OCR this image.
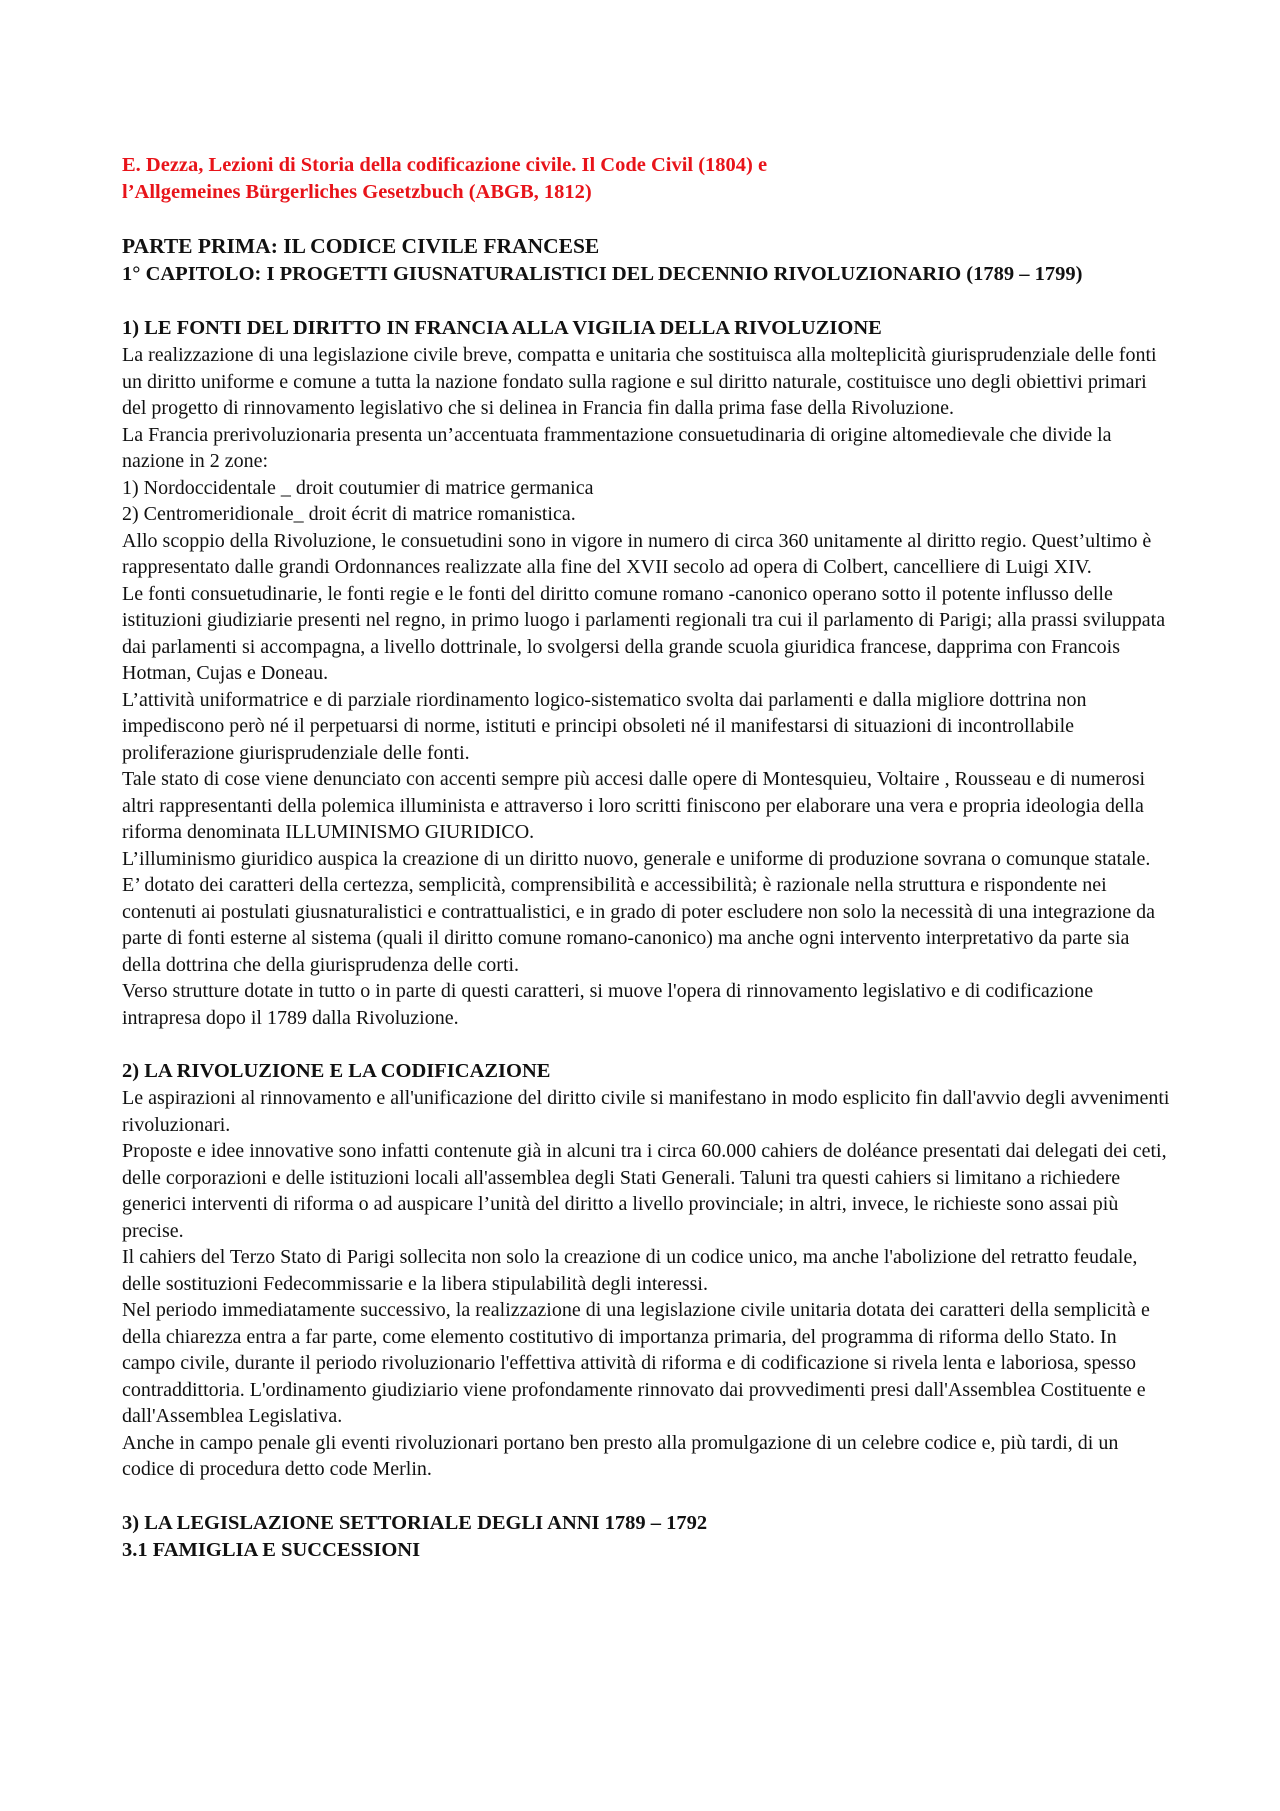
E. Dezza, Lezioni di Storia della codificazione civile. Il Code Civil (1804) e
l’Allgemeines Bürgerliches Gesetzbuch (ABGB, 1812)

PARTE PRIMA: IL CODICE CIVILE FRANCESE

1° CAPITOLO: I PROGETTI GIUSNATURALISTICI DEL DECENNIO RIVOLUZIONARIO (1789 – 1799)

1) LE FONTI DEL DIRITTO IN FRANCIA ALLA VIGILIA DELLA RIVOLUZIONE

La realizzazione di una legislazione civile breve, compatta e unitaria che sostituisca alla molteplicità giurisprudenziale delle fonti un diritto uniforme e comune a tutta la nazione fondato sulla ragione e sul diritto naturale, costituisce uno degli obiettivi primari del progetto di rinnovamento legislativo che si delinea in Francia fin dalla prima fase della Rivoluzione.

La Francia prerivoluzionaria presenta un’accentuata frammentazione consuetudinaria di origine altomedievale che divide la nazione in 2 zone:

1) Nordoccidentale _ droit coutumier di matrice germanica

2) Centromeridionale_ droit écrit di matrice romanistica.

Allo scoppio della Rivoluzione, le consuetudini sono in vigore in numero di circa 360 unitamente al diritto regio. Quest’ultimo è rappresentato dalle grandi Ordonnances realizzate alla fine del XVII secolo ad opera di Colbert, cancelliere di Luigi XIV.

Le fonti consuetudinarie, le fonti regie e le fonti del diritto comune romano -canonico operano sotto il potente influsso delle istituzioni giudiziarie presenti nel regno, in primo luogo i parlamenti regionali tra cui il parlamento di Parigi; alla prassi sviluppata dai parlamenti si accompagna, a livello dottrinale, lo svolgersi della grande scuola giuridica francese, dapprima con Francois Hotman, Cujas e Doneau.

L’attività uniformatrice e di parziale riordinamento logico-sistematico svolta dai parlamenti e dalla migliore dottrina non impediscono però né il perpetuarsi di norme, istituti e principi obsoleti né il manifestarsi di situazioni di incontrollabile proliferazione giurisprudenziale delle fonti.

Tale stato di cose viene denunciato con accenti sempre più accesi dalle opere di Montesquieu, Voltaire , Rousseau e di numerosi altri rappresentanti della polemica illuminista e attraverso i loro scritti finiscono per elaborare una vera e propria ideologia della riforma denominata ILLUMINISMO GIURIDICO.

L’illuminismo giuridico auspica la creazione di un diritto nuovo, generale e uniforme di produzione sovrana o comunque statale. E’ dotato dei caratteri della certezza, semplicità, comprensibilità e accessibilità; è razionale nella struttura e rispondente nei contenuti ai postulati giusnaturalistici e contrattualistici, e in grado di poter escludere non solo la necessità di una integrazione da parte di fonti esterne al sistema (quali il diritto comune romano-canonico) ma anche ogni intervento interpretativo da parte sia della dottrina che della giurisprudenza delle corti.

Verso strutture dotate in tutto o in parte di questi caratteri, si muove l'opera di rinnovamento legislativo e di codificazione intrapresa dopo il 1789 dalla Rivoluzione.

2) LA RIVOLUZIONE E LA CODIFICAZIONE

Le aspirazioni al rinnovamento e all'unificazione del diritto civile si manifestano in modo esplicito fin dall'avvio degli avvenimenti rivoluzionari.

Proposte e idee innovative sono infatti contenute già in alcuni tra i circa 60.000 cahiers de doléance presentati dai delegati dei ceti, delle corporazioni e delle istituzioni locali all'assemblea degli Stati Generali. Taluni tra questi cahiers si limitano a richiedere generici interventi di riforma o ad auspicare l’unità del diritto a livello provinciale; in altri, invece, le richieste sono assai più precise.

Il cahiers del Terzo Stato di Parigi sollecita non solo la creazione di un codice unico, ma anche l'abolizione del retratto feudale, delle sostituzioni Fedecommissarie e la libera stipulabilità degli interessi.

Nel periodo immediatamente successivo, la realizzazione di una legislazione civile unitaria dotata dei caratteri della semplicità e della chiarezza entra a far parte, come elemento costitutivo di importanza primaria, del programma di riforma dello Stato. In campo civile, durante il periodo rivoluzionario l'effettiva attività di riforma e di codificazione si rivela lenta e laboriosa, spesso contraddittoria. L'ordinamento giudiziario viene profondamente rinnovato dai provvedimenti presi dall'Assemblea Costituente e dall'Assemblea Legislativa.

Anche in campo penale gli eventi rivoluzionari portano ben presto alla promulgazione di un celebre codice e, più tardi, di un codice di procedura detto code Merlin.

3) LA LEGISLAZIONE SETTORIALE DEGLI ANNI 1789 – 1792

3.1 FAMIGLIA E SUCCESSIONI
